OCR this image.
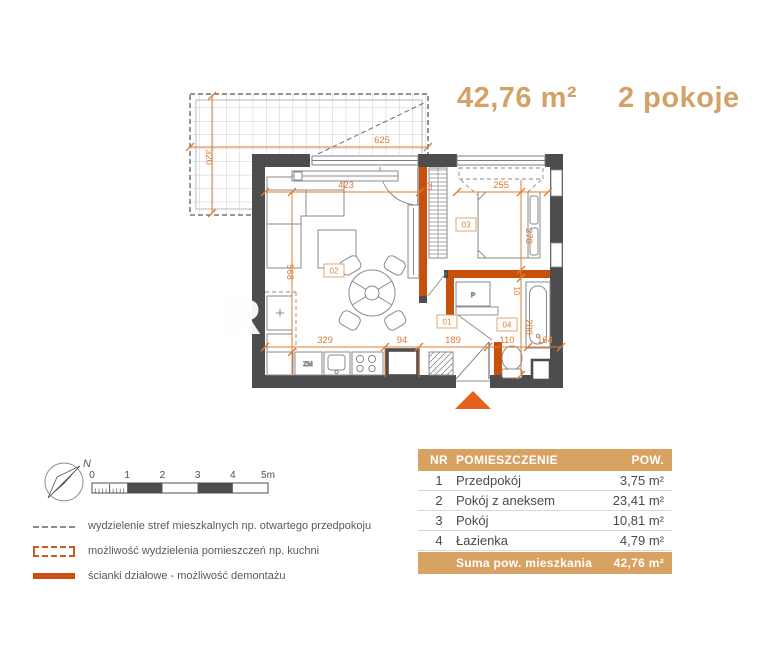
42,76 m² 2 pokoje
ZM
P
625
320
423
568
255
278
10
280
73
329	94	189	110 164
02
01
03
04
N
0	1	2	3	4	5m
R
wydzielenie stref mieszkalnych np. otwartego przedpokoju
możliwość wydzielenia pomieszczeń np. kuchni
ścianki działowe - możliwość demontażu
NR POMIESZCZENIE	POW.
1	Przedpokój	3,75 m²
2	Pokój z aneksem	23,41 m²
3	Pokój	10,81 m²
4	Łazienka	4,79 m²
Suma pow. mieszkania	42,76 m²
